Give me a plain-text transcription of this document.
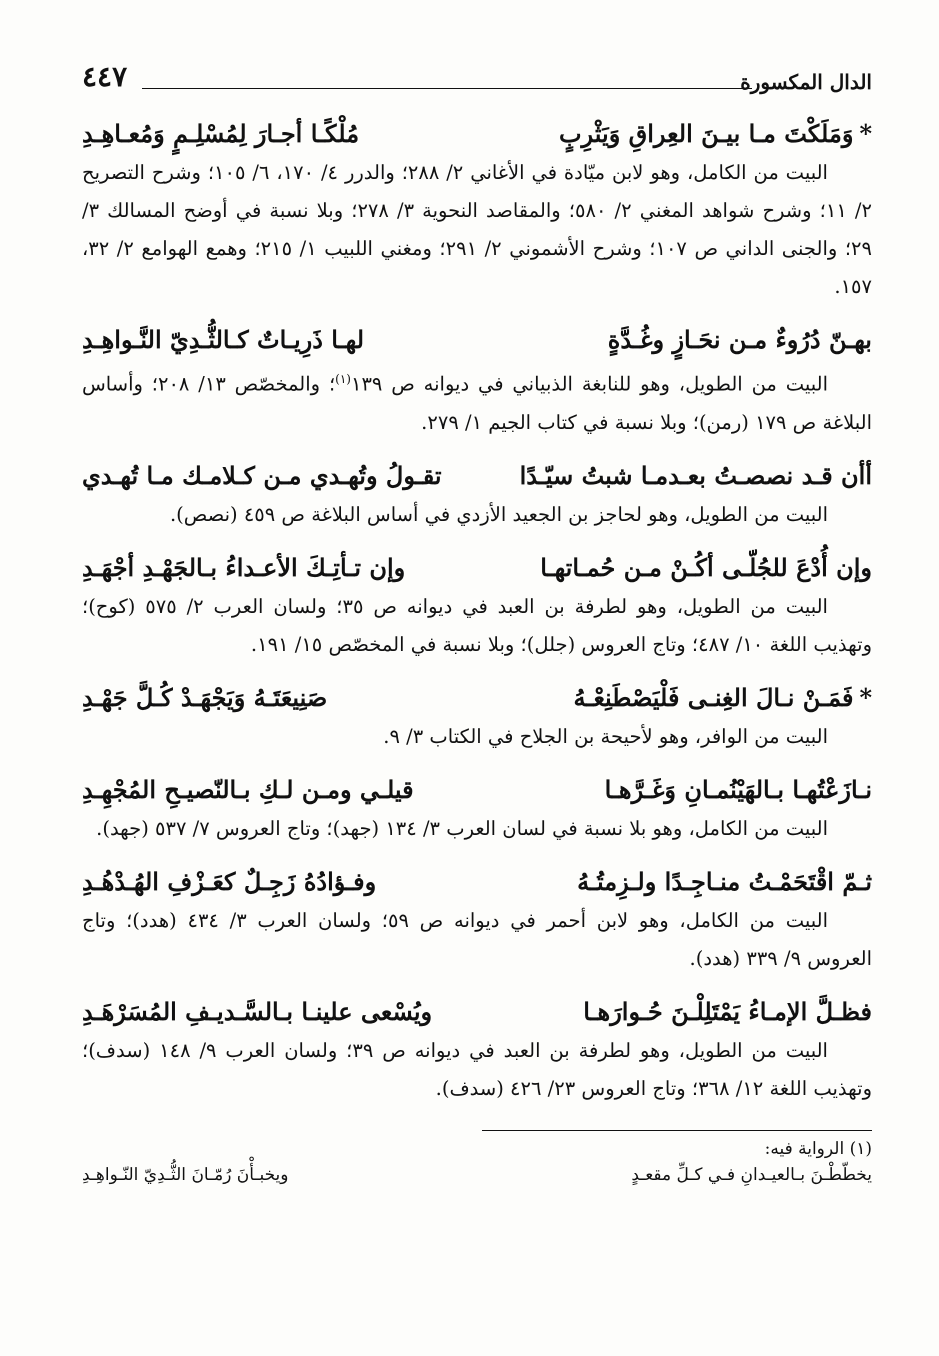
الدال المكسورة
٤٤٧
*وَمَلَكْتَ مـا بيـنَ العِراقِ وَيَثْرِبٍ
مُلْكًـا أجـارَ لِمُسْلِـمٍ وَمُعـاهِـدِ

البيت من الكامل، وهو لابن ميّادة في الأغاني ٢/ ٢٨٨؛ والدرر ٤/ ١٧٠، ٦/ ١٠٥؛ وشرح التصريح ٢/ ١١؛ وشرح شواهد المغني ٢/ ٥٨٠؛ والمقاصد النحوية ٣/ ٢٧٨؛ وبلا نسبة في أوضح المسالك ٣/ ٢٩؛ والجنى الداني ص ١٠٧؛ وشرح الأشموني ٢/ ٢٩١؛ ومغني اللبيب ١/ ٢١٥؛ وهمع الهوامع ٢/ ٣٢، ١٥٧.

بهـنّ دُرُوءٌ مـن نحَـازٍ وغُـدَّةٍ
لهـا ذَرِيـاتٌ كـالثُّـدِيّ النَّـواهِـدِ

البيت من الطويل، وهو للنابغة الذبياني في ديوانه ص ١٣٩$^{(١)}$؛ والمخصّص ١٣/ ٢٠٨؛ وأساس البلاغة ص ١٧٩ (رمن)؛ وبلا نسبة في كتاب الجيم ١/ ٢٧٩.

أأن قـد نصصـتُ بعـدمـا شبتُ سيّـدًا
تقـولُ وتُهـدي مـن كـلامـك مـا تُهـدي

البيت من الطويل، وهو لحاجز بن الجعيد الأزدي في أساس البلاغة ص ٤٥٩ (نصص).

وإن أُدْعَ للجُلّـى أكُـنْ مـن حُمـاتهـا
وإن تـأتِـكَ الأعـداءُ بـالجَهْـدِ أجْهَـدِ

البيت من الطويل، وهو لطرفة بن العبد في ديوانه ص ٣٥؛ ولسان العرب ٢/ ٥٧٥ (كوح)؛ وتهذيب اللغة ١٠/ ٤٨٧؛ وتاج العروس (جلل)؛ وبلا نسبة في المخصّص ١٥/ ١٩١.

*فَمَـنْ نـالَ الغِنـى فَلْيَصْطَنِعْـهُ
صَنِيعَتَـهُ وَيَجْهَـدْ كُـلَّ جَهْـدِ

البيت من الوافر، وهو لأحيحة بن الجلاح في الكتاب ٣/ ٩.

نـازَعْتُهـا بـالهَيْنُمـانِ وَغَـرَّهـا
قيلـي ومـن لـكِ بـالنّصيـحِ المُجْهِـدِ

البيت من الكامل، وهو بلا نسبة في لسان العرب ٣/ ١٣٤ (جهد)؛ وتاج العروس ٧/ ٥٣٧ (جهد).

ثـمّ اقْتَحَمْـتُ منـاجِـدًا ولـزِمتُـهُ
وفـؤادُهُ زَجِـلٌ كعَـزْفِ الهُـدْهُـدِ

البيت من الكامل، وهو لابن أحمر في ديوانه ص ٥٩؛ ولسان العرب ٣/ ٤٣٤ (هدد)؛ وتاج العروس ٩/ ٣٣٩ (هدد).

فظـلَّ الإمـاءُ يَمْتَلِلْـنَ حُـوارَهـا
ويُسْعى علينـا بـالسَّـديـفِ المُسَرْهَـدِ

البيت من الطويل، وهو لطرفة بن العبد في ديوانه ص ٣٩؛ ولسان العرب ٩/ ١٤٨ (سدف)؛ وتهذيب اللغة ١٢/ ٣٦٨؛ وتاج العروس ٢٣/ ٤٢٦ (سدف).

(١) الرواية فيه:
يخطّطْـنَ بـالعيـدانِ فـي كـلِّ مقعـدٍ
ويخبـأْنَ رُمّـانَ الثُّـدِيّ النّـواهِـدِ
